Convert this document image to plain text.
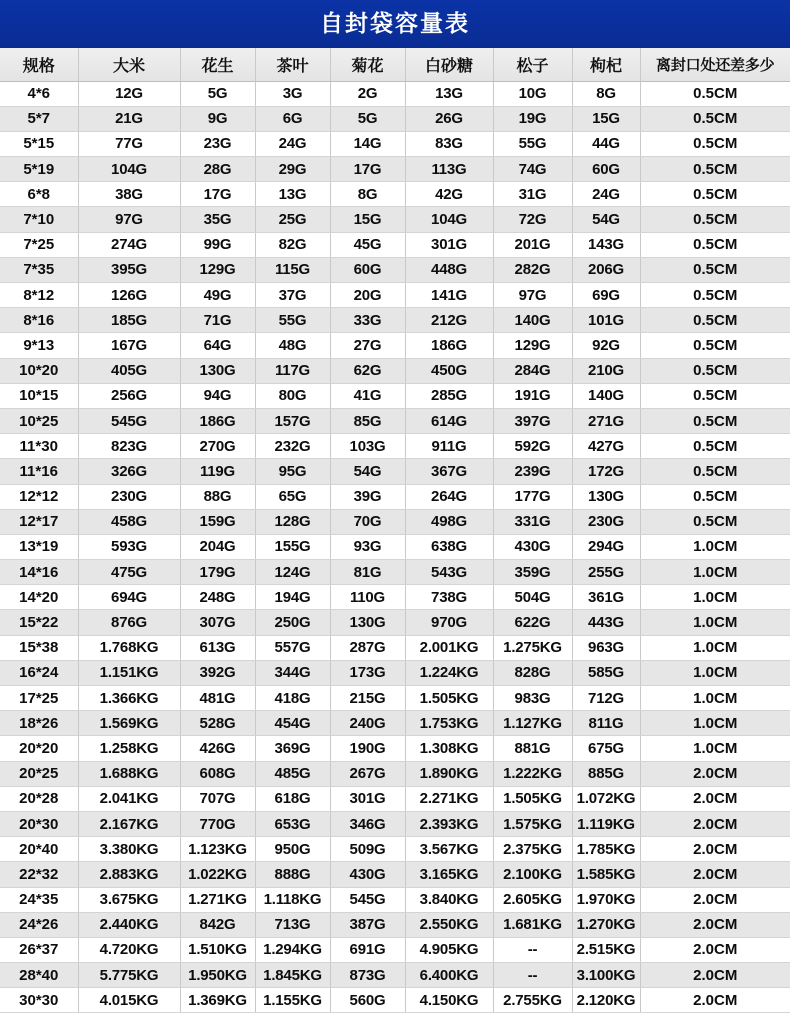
自封袋容量表
规格	大米	花生	茶叶	菊花	白砂糖	松子	枸杞	离封口处还差多少
4*6	12G	5G	3G	2G	13G	10G	8G	0.5CM
5*7	21G	9G	6G	5G	26G	19G	15G	0.5CM
5*15	77G	23G	24G	14G	83G	55G	44G	0.5CM
5*19	104G	28G	29G	17G	113G	74G	60G	0.5CM
6*8	38G	17G	13G	8G	42G	31G	24G	0.5CM
7*10	97G	35G	25G	15G	104G	72G	54G	0.5CM
7*25	274G	99G	82G	45G	301G	201G	143G	0.5CM
7*35	395G	129G	115G	60G	448G	282G	206G	0.5CM
8*12	126G	49G	37G	20G	141G	97G	69G	0.5CM
8*16	185G	71G	55G	33G	212G	140G	101G	0.5CM
9*13	167G	64G	48G	27G	186G	129G	92G	0.5CM
10*20	405G	130G	117G	62G	450G	284G	210G	0.5CM
10*15	256G	94G	80G	41G	285G	191G	140G	0.5CM
10*25	545G	186G	157G	85G	614G	397G	271G	0.5CM
11*30	823G	270G	232G	103G	911G	592G	427G	0.5CM
11*16	326G	119G	95G	54G	367G	239G	172G	0.5CM
12*12	230G	88G	65G	39G	264G	177G	130G	0.5CM
12*17	458G	159G	128G	70G	498G	331G	230G	0.5CM
13*19	593G	204G	155G	93G	638G	430G	294G	1.0CM
14*16	475G	179G	124G	81G	543G	359G	255G	1.0CM
14*20	694G	248G	194G	110G	738G	504G	361G	1.0CM
15*22	876G	307G	250G	130G	970G	622G	443G	1.0CM
15*38	1.768KG	613G	557G	287G	2.001KG	1.275KG	963G	1.0CM
16*24	1.151KG	392G	344G	173G	1.224KG	828G	585G	1.0CM
17*25	1.366KG	481G	418G	215G	1.505KG	983G	712G	1.0CM
18*26	1.569KG	528G	454G	240G	1.753KG	1.127KG	811G	1.0CM
20*20	1.258KG	426G	369G	190G	1.308KG	881G	675G	1.0CM
20*25	1.688KG	608G	485G	267G	1.890KG	1.222KG	885G	2.0CM
20*28	2.041KG	707G	618G	301G	2.271KG	1.505KG	1.072KG	2.0CM
20*30	2.167KG	770G	653G	346G	2.393KG	1.575KG	1.119KG	2.0CM
20*40	3.380KG	1.123KG	950G	509G	3.567KG	2.375KG	1.785KG	2.0CM
22*32	2.883KG	1.022KG	888G	430G	3.165KG	2.100KG	1.585KG	2.0CM
24*35	3.675KG	1.271KG	1.118KG	545G	3.840KG	2.605KG	1.970KG	2.0CM
24*26	2.440KG	842G	713G	387G	2.550KG	1.681KG	1.270KG	2.0CM
26*37	4.720KG	1.510KG	1.294KG	691G	4.905KG	--	2.515KG	2.0CM
28*40	5.775KG	1.950KG	1.845KG	873G	6.400KG	--	3.100KG	2.0CM
30*30	4.015KG	1.369KG	1.155KG	560G	4.150KG	2.755KG	2.120KG	2.0CM
